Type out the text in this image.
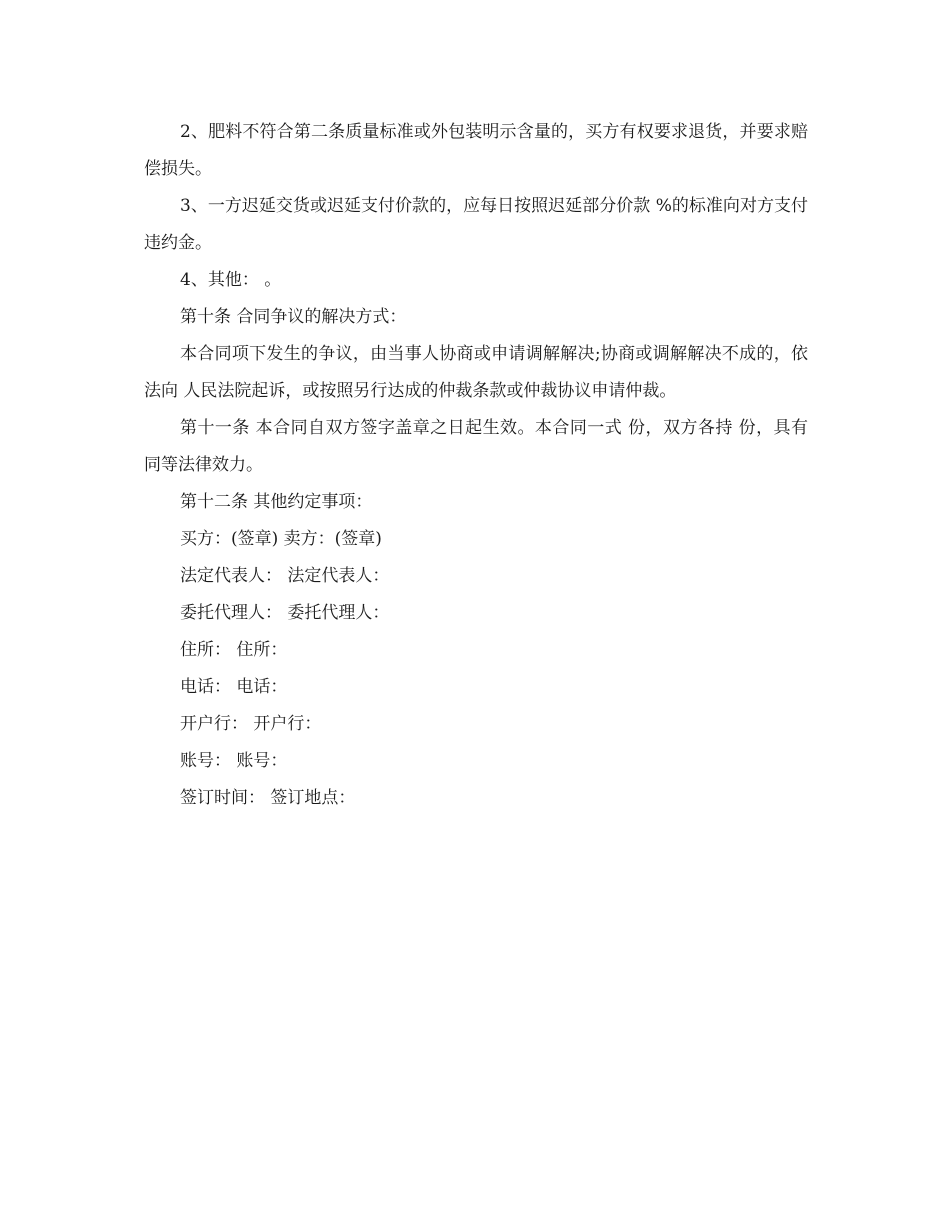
2、肥料不符合第二条质量标准或外包装明示含量的，买方有权要求退货，并要求赔偿损失。

3、一方迟延交货或迟延支付价款的，应每日按照迟延部分价款 %的标准向对方支付违约金。

4、其他： 。

第十条 合同争议的解决方式：

本合同项下发生的争议，由当事人协商或申请调解解决;协商或调解解决不成的，依法向 人民法院起诉，或按照另行达成的仲裁条款或仲裁协议申请仲裁。

第十一条 本合同自双方签字盖章之日起生效。本合同一式 份，双方各持 份，具有同等法律效力。

第十二条 其他约定事项：

买方：(签章) 卖方：(签章)

法定代表人： 法定代表人：

委托代理人： 委托代理人：

住所： 住所：

电话： 电话：

开户行： 开户行：

账号： 账号：

签订时间： 签订地点：
